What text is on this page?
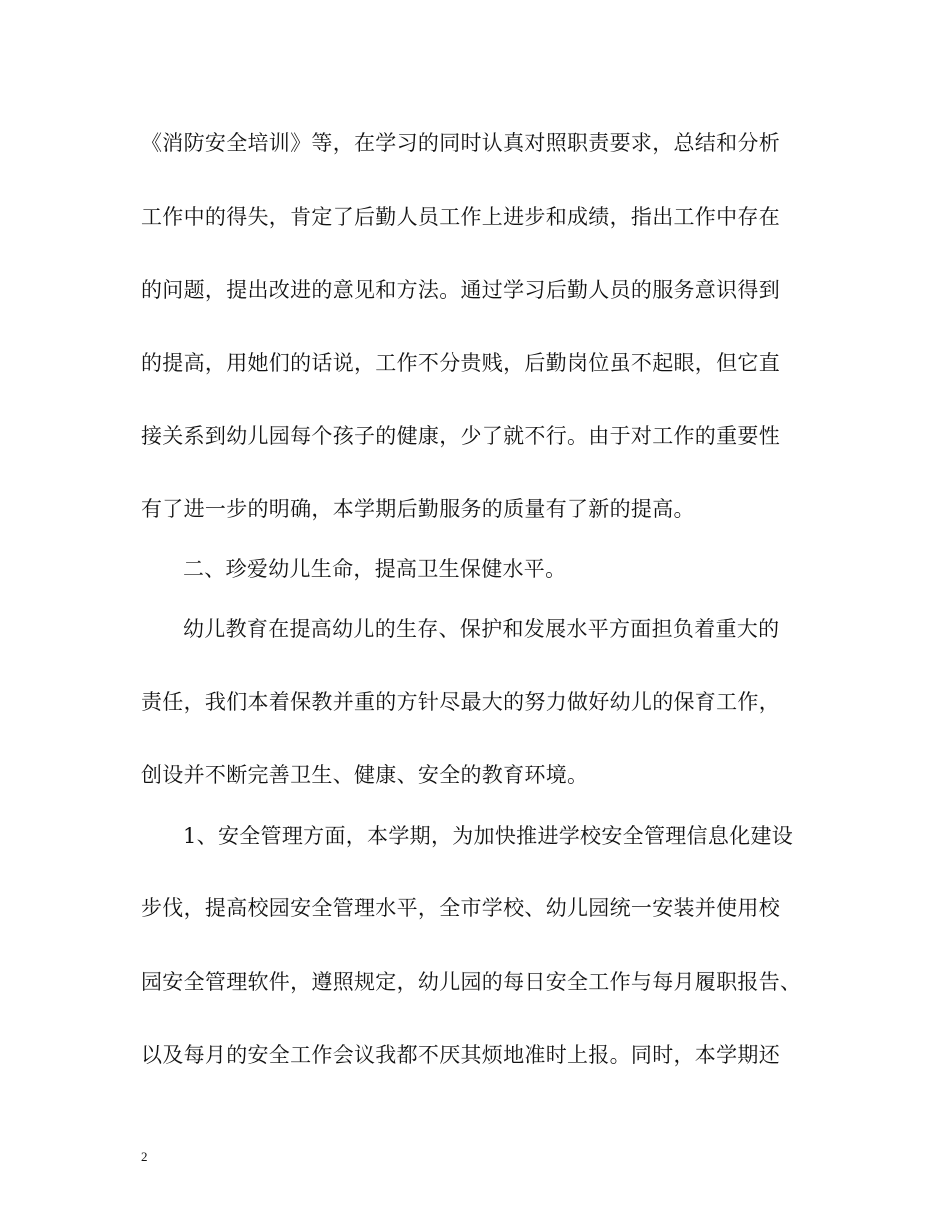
《消防安全培训》等，在学习的同时认真对照职责要求，总结和分析
工作中的得失，肯定了后勤人员工作上进步和成绩，指出工作中存在
的问题，提出改进的意见和方法。通过学习后勤人员的服务意识得到
的提高，用她们的话说，工作不分贵贱，后勤岗位虽不起眼，但它直
接关系到幼儿园每个孩子的健康，少了就不行。由于对工作的重要性
有了进一步的明确，本学期后勤服务的质量有了新的提高。
二、珍爱幼儿生命，提高卫生保健水平。
幼儿教育在提高幼儿的生存、保护和发展水平方面担负着重大的
责任，我们本着保教并重的方针尽最大的努力做好幼儿的保育工作，
创设并不断完善卫生、健康、安全的教育环境。
1、安全管理方面，本学期，为加快推进学校安全管理信息化建设
步伐，提高校园安全管理水平，全市学校、幼儿园统一安装并使用校
园安全管理软件，遵照规定，幼儿园的每日安全工作与每月履职报告、
以及每月的安全工作会议我都不厌其烦地准时上报。同时，本学期还
2
